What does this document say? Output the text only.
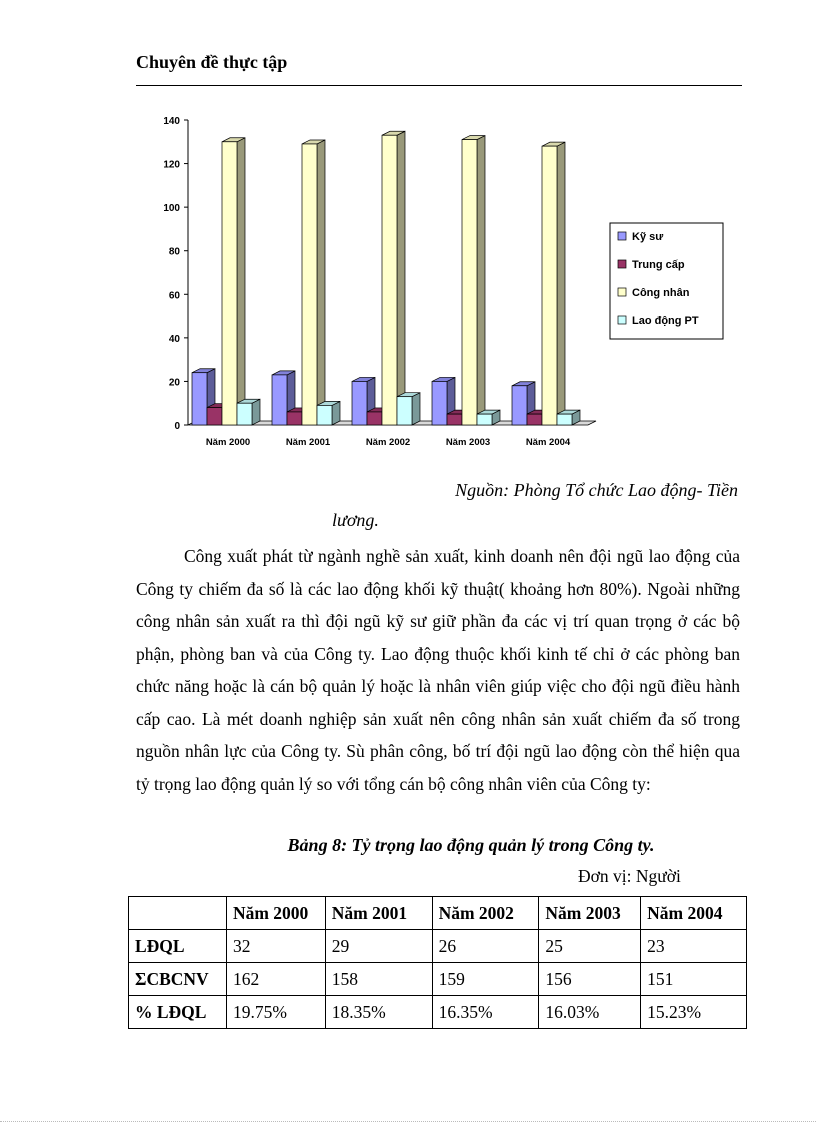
Chuyên đề thực tập
0
20
40
60
80
100
120
140
Năm 2000	Năm 2001	Năm 2002	Năm 2003	Năm 2004
Kỹ sư
Trung cấp
Công nhân
Lao động PT
Nguồn: Phòng Tổ chức Lao động- Tiền
lương.

Công xuất phát từ ngành nghề sản xuất, kinh doanh nên đội ngũ lao động của Công ty chiếm đa số là các lao động khối kỹ thuật( khoảng hơn 80%). Ngoài những công nhân sản xuất ra thì đội ngũ kỹ sư giữ phần đa các vị trí quan trọng ở các bộ phận, phòng ban và của Công ty. Lao động thuộc khối kinh tế chỉ ở các phòng ban chức năng hoặc là cán bộ quản lý hoặc là nhân viên giúp việc cho đội ngũ điều hành cấp cao. Là mét doanh nghiệp sản xuất nên công nhân sản xuất chiếm đa số trong nguồn nhân lực của Công ty. Sù phân công, bố trí đội ngũ lao động còn thể hiện qua tỷ trọng lao động quản lý so với tổng cán bộ công nhân viên của Công ty:

Bảng 8: Tỷ trọng lao động quản lý trong Công ty.
Đơn vị: Người
	Năm 2000	Năm 2001	Năm 2002	Năm 2003	Năm 2004
LĐQL	32	29	26	25	23
ΣCBCNV	162	158	159	156	151
% LĐQL	19.75%	18.35%	16.35%	16.03%	15.23%
